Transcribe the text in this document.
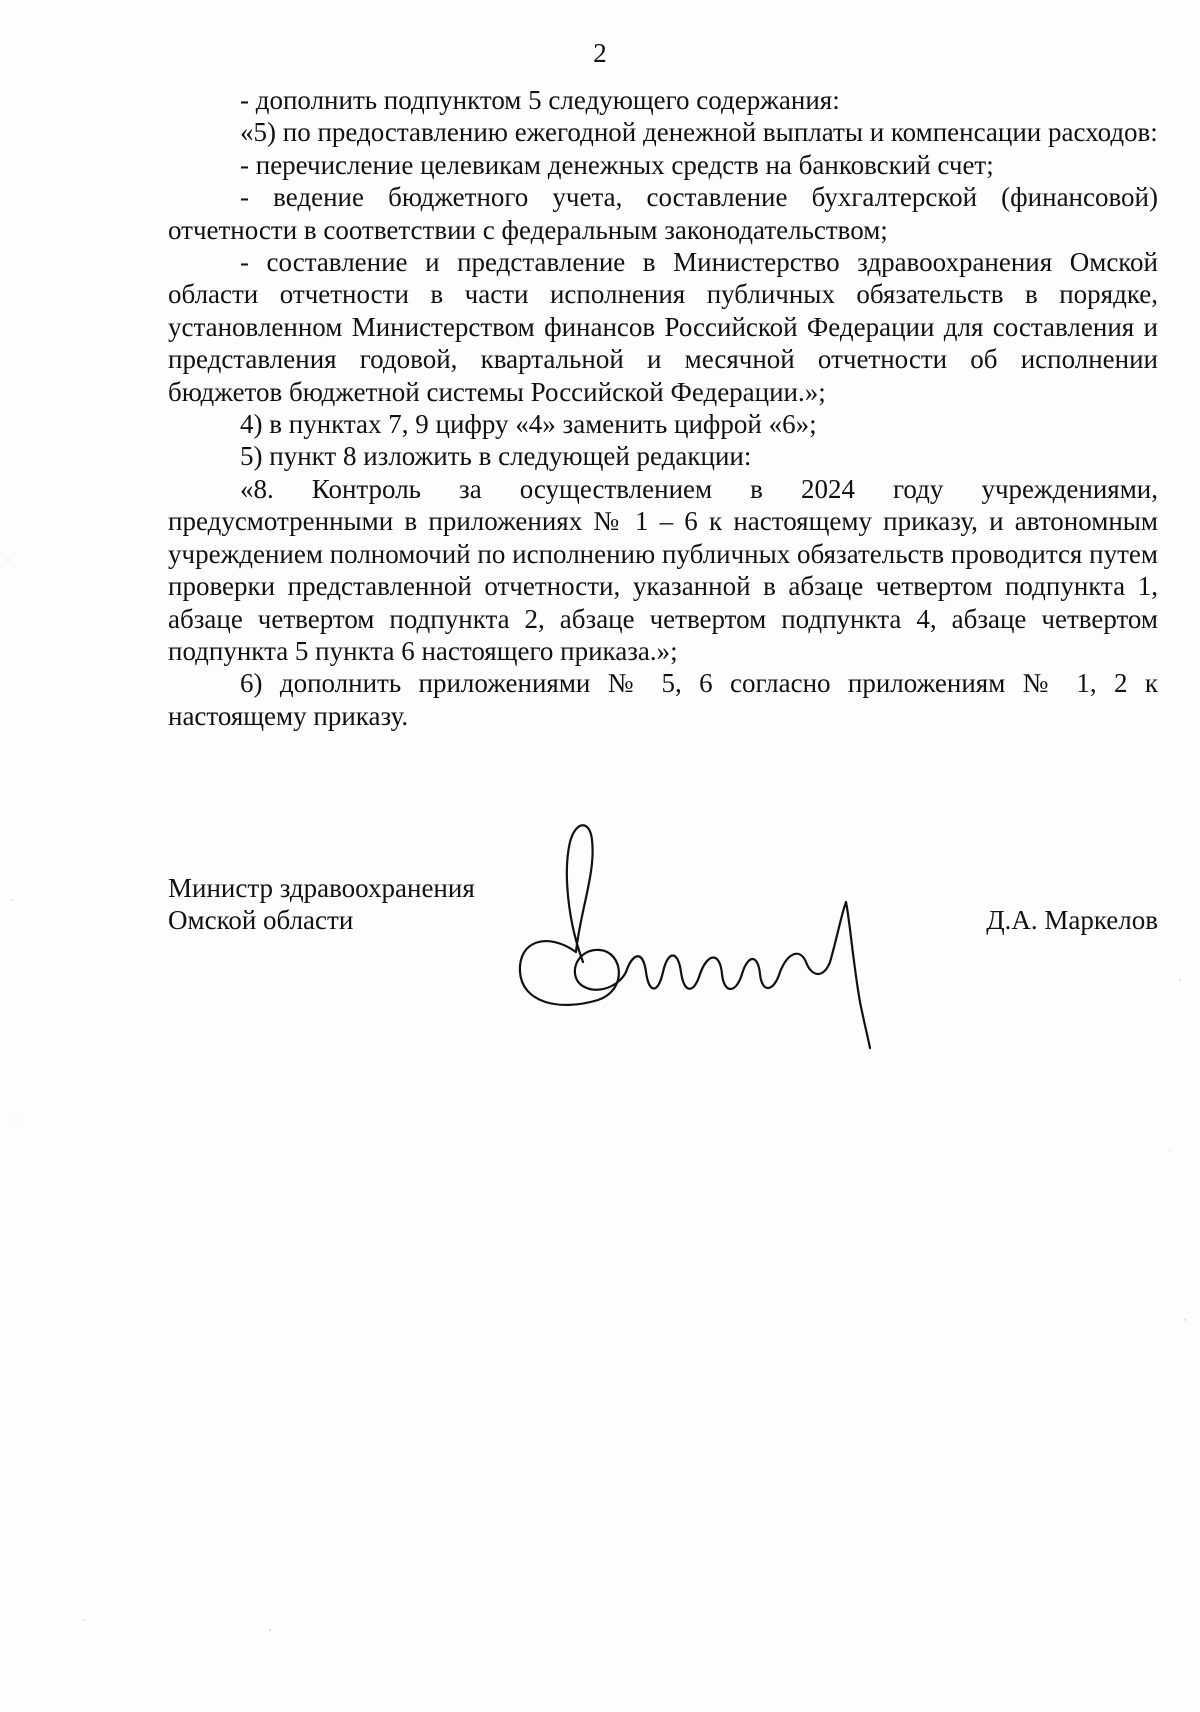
2

- дополнить подпунктом 5 следующего содержания:

«5) по предоставлению ежегодной денежной выплаты и компенсации расходов:

- перечисление целевикам денежных средств на банковский счет;

- ведение бюджетного учета, составление бухгалтерской (финансовой) отчетности в соответствии с федеральным законодательством;

- составление и представление в Министерство здравоохранения Омской области отчетности в части исполнения публичных обязательств в порядке, установленном Министерством финансов Российской Федерации для составления и представления годовой, квартальной и месячной отчетности об исполнении бюджетов бюджетной системы Российской Федерации.»;

4) в пунктах 7, 9 цифру «4» заменить цифрой «6»;

5) пункт 8 изложить в следующей редакции:

«8. Контроль за осуществлением в 2024 году учреждениями, предусмотренными в приложениях № 1 – 6 к настоящему приказу, и автономным учреждением полномочий по исполнению публичных обязательств проводится путем проверки представленной отчетности, указанной в абзаце четвертом подпункта 1, абзаце четвертом подпункта 2, абзаце четвертом подпункта 4, абзаце четвертом подпункта 5 пункта 6 настоящего приказа.»;

6) дополнить приложениями № 5, 6 согласно приложениям № 1, 2 к настоящему приказу.

Министр здравоохранения
Омской области	Д.А. Маркелов
